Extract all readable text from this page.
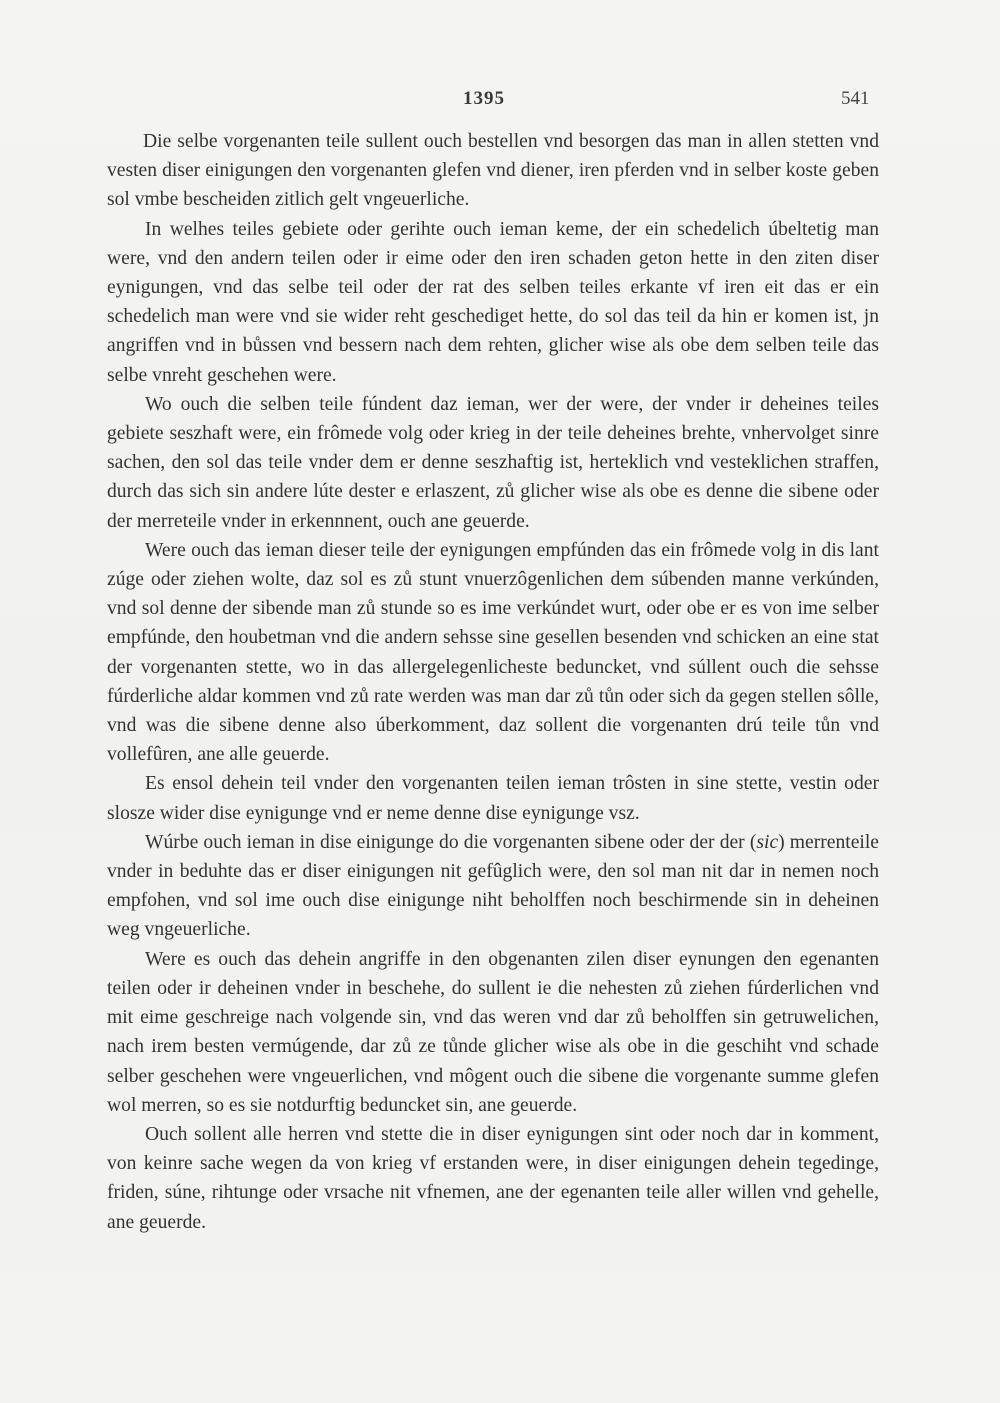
1395	541

Die selbe vorgenanten teile sullent ouch bestellen vnd besorgen das man in allen stetten vnd vesten diser einigungen den vorgenanten glefen vnd diener, iren pferden vnd in selber koste geben sol vmbe bescheiden zitlich gelt vngeuerliche.

In welhes teiles gebiete oder gerihte ouch ieman keme, der ein schedelich úbeltetig man were, vnd den andern teilen oder ir eime oder den iren schaden geton hette in den ziten diser eynigungen, vnd das selbe teil oder der rat des selben teiles erkante vf iren eit das er ein schedelich man were vnd sie wider reht geschediget hette, do sol das teil da hin er komen ist, jn angriffen vnd in bůssen vnd bessern nach dem rehten, glicher wise als obe dem selben teile das selbe vnreht geschehen were.

Wo ouch die selben teile fúndent daz ieman, wer der were, der vnder ir deheines teiles gebiete seszhaft were, ein frômede volg oder krieg in der teile deheines brehte, vnhervolget sinre sachen, den sol das teile vnder dem er denne seszhaftig ist, herteklich vnd vesteklichen straffen, durch das sich sin andere lúte dester e erlaszent, zů glicher wise als obe es denne die sibene oder der merreteile vnder in erkennnent, ouch ane geuerde.

Were ouch das ieman dieser teile der eynigungen empfúnden das ein frômede volg in dis lant zúge oder ziehen wolte, daz sol es zů stunt vnuerzôgenlichen dem súbenden manne verkúnden, vnd sol denne der sibende man zů stunde so es ime verkúndet wurt, oder obe er es von ime selber empfúnde, den houbetman vnd die andern sehsse sine gesellen besenden vnd schicken an eine stat der vorgenanten stette, wo in das allergelegenlicheste beduncket, vnd súllent ouch die sehsse fúrderliche aldar kommen vnd zů rate werden was man dar zů tůn oder sich da gegen stellen sôlle, vnd was die sibene denne also úberkomment, daz sollent die vorgenanten drú teile tůn vnd vollefûren, ane alle geuerde.

Es ensol dehein teil vnder den vorgenanten teilen ieman trôsten in sine stette, vestin oder slosze wider dise eynigunge vnd er neme denne dise eynigunge vsz.

Wúrbe ouch ieman in dise einigunge do die vorgenanten sibene oder der der (sic) merrenteile vnder in beduhte das er diser einigungen nit gefûglich were, den sol man nit dar in nemen noch empfohen, vnd sol ime ouch dise einigunge niht beholffen noch beschirmende sin in deheinen weg vngeuerliche.

Were es ouch das dehein angriffe in den obgenanten zilen diser eynungen den egenanten teilen oder ir deheinen vnder in beschehe, do sullent ie die nehesten zů ziehen fúrderlichen vnd mit eime geschreige nach volgende sin, vnd das weren vnd dar zů beholffen sin getruwelichen, nach irem besten vermúgende, dar zů ze tůnde glicher wise als obe in die geschiht vnd schade selber geschehen were vngeuerlichen, vnd môgent ouch die sibene die vorgenante summe glefen wol merren, so es sie notdurftig beduncket sin, ane geuerde.

Ouch sollent alle herren vnd stette die in diser eynigungen sint oder noch dar in komment, von keinre sache wegen da von krieg vf erstanden were, in diser einigungen dehein tegedinge, friden, súne, rihtunge oder vrsache nit vfnemen, ane der egenanten teile aller willen vnd gehelle, ane geuerde.
